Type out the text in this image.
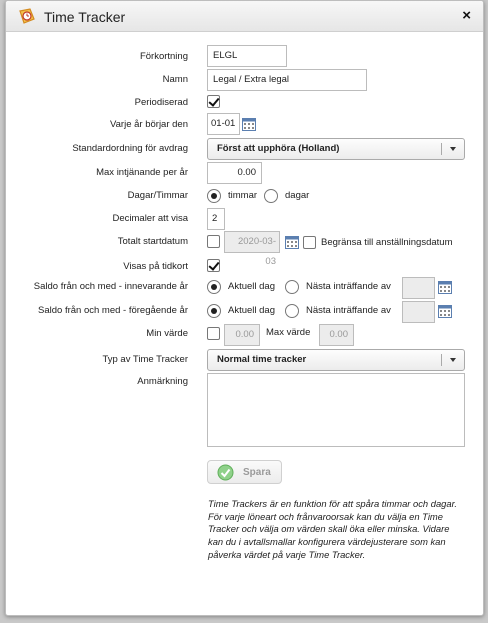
Time Tracker	×
Förkortning	ELGL
Namn	Legal / Extra legal
Periodiserad
Varje år börjar den	01-01
Standardordning för avdrag	Först att upphöra (Holland)
Max intjänande per år	0.00
Dagar/Timmar	timmar	dagar
Decimaler att visa	2
Totalt startdatum	2020-03-03
Begränsa till anställningsdatum
Visas på tidkort
Saldo från och med - innevarande år	Aktuell dag	Nästa inträffande av
Saldo från och med - föregående år	Aktuell dag	Nästa inträffande av
Min värde	0.00	Max värde	0.00
Typ av Time Tracker	Normal time tracker
Anmärkning
Spara
Time Trackers är en funktion för att spåra timmar och dagar. För varje löneart och frånvaroorsak kan du välja en Time Tracker och välja om värden skall öka eller minska. Vidare kan du i avtallsmallar konfigurera värdejusterare som kan påverka värdet på varje Time Tracker.
